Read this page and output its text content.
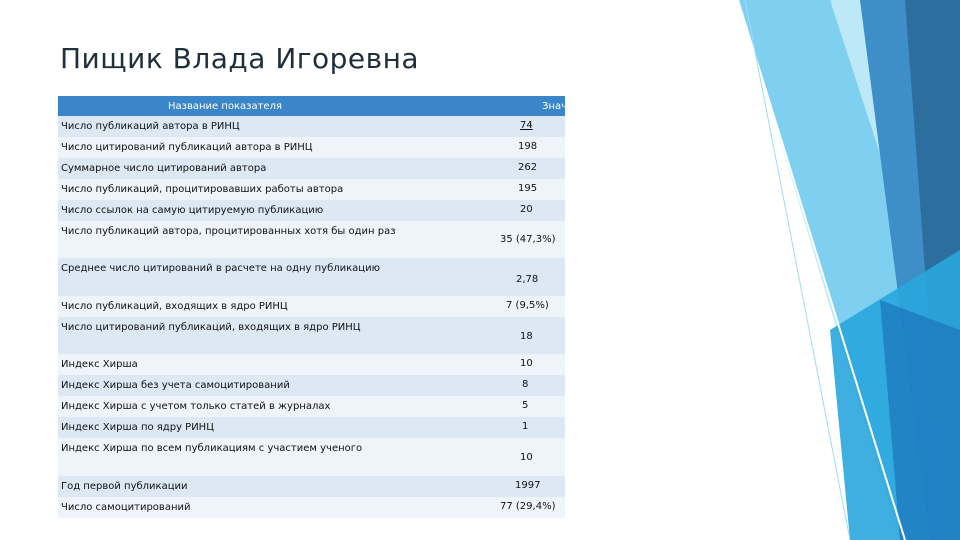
Пищик Влада Игоревна
Название показателя	Значение
Число публикаций автора в РИНЦ	74
Число цитирований публикаций автора в РИНЦ	198
Суммарное число цитирований автора	262
Число публикаций, процитировавших работы автора	195
Число ссылок на самую цитируемую публикацию	20
Число публикаций автора, процитированных хотя бы один раз	35 (47,3%)
Среднее число цитирований в расчете на одну публикацию	2,78
Число публикаций, входящих в ядро РИНЦ	7 (9,5%)
Число цитирований публикаций, входящих в ядро РИНЦ	18
Индекс Хирша	10
Индекс Хирша без учета самоцитирований	8
Индекс Хирша с учетом только статей в журналах	5
Индекс Хирша по ядру РИНЦ	1
Индекс Хирша по всем публикациям с участием ученого	10
Год первой публикации	1997
Число самоцитирований	77 (29,4%)
